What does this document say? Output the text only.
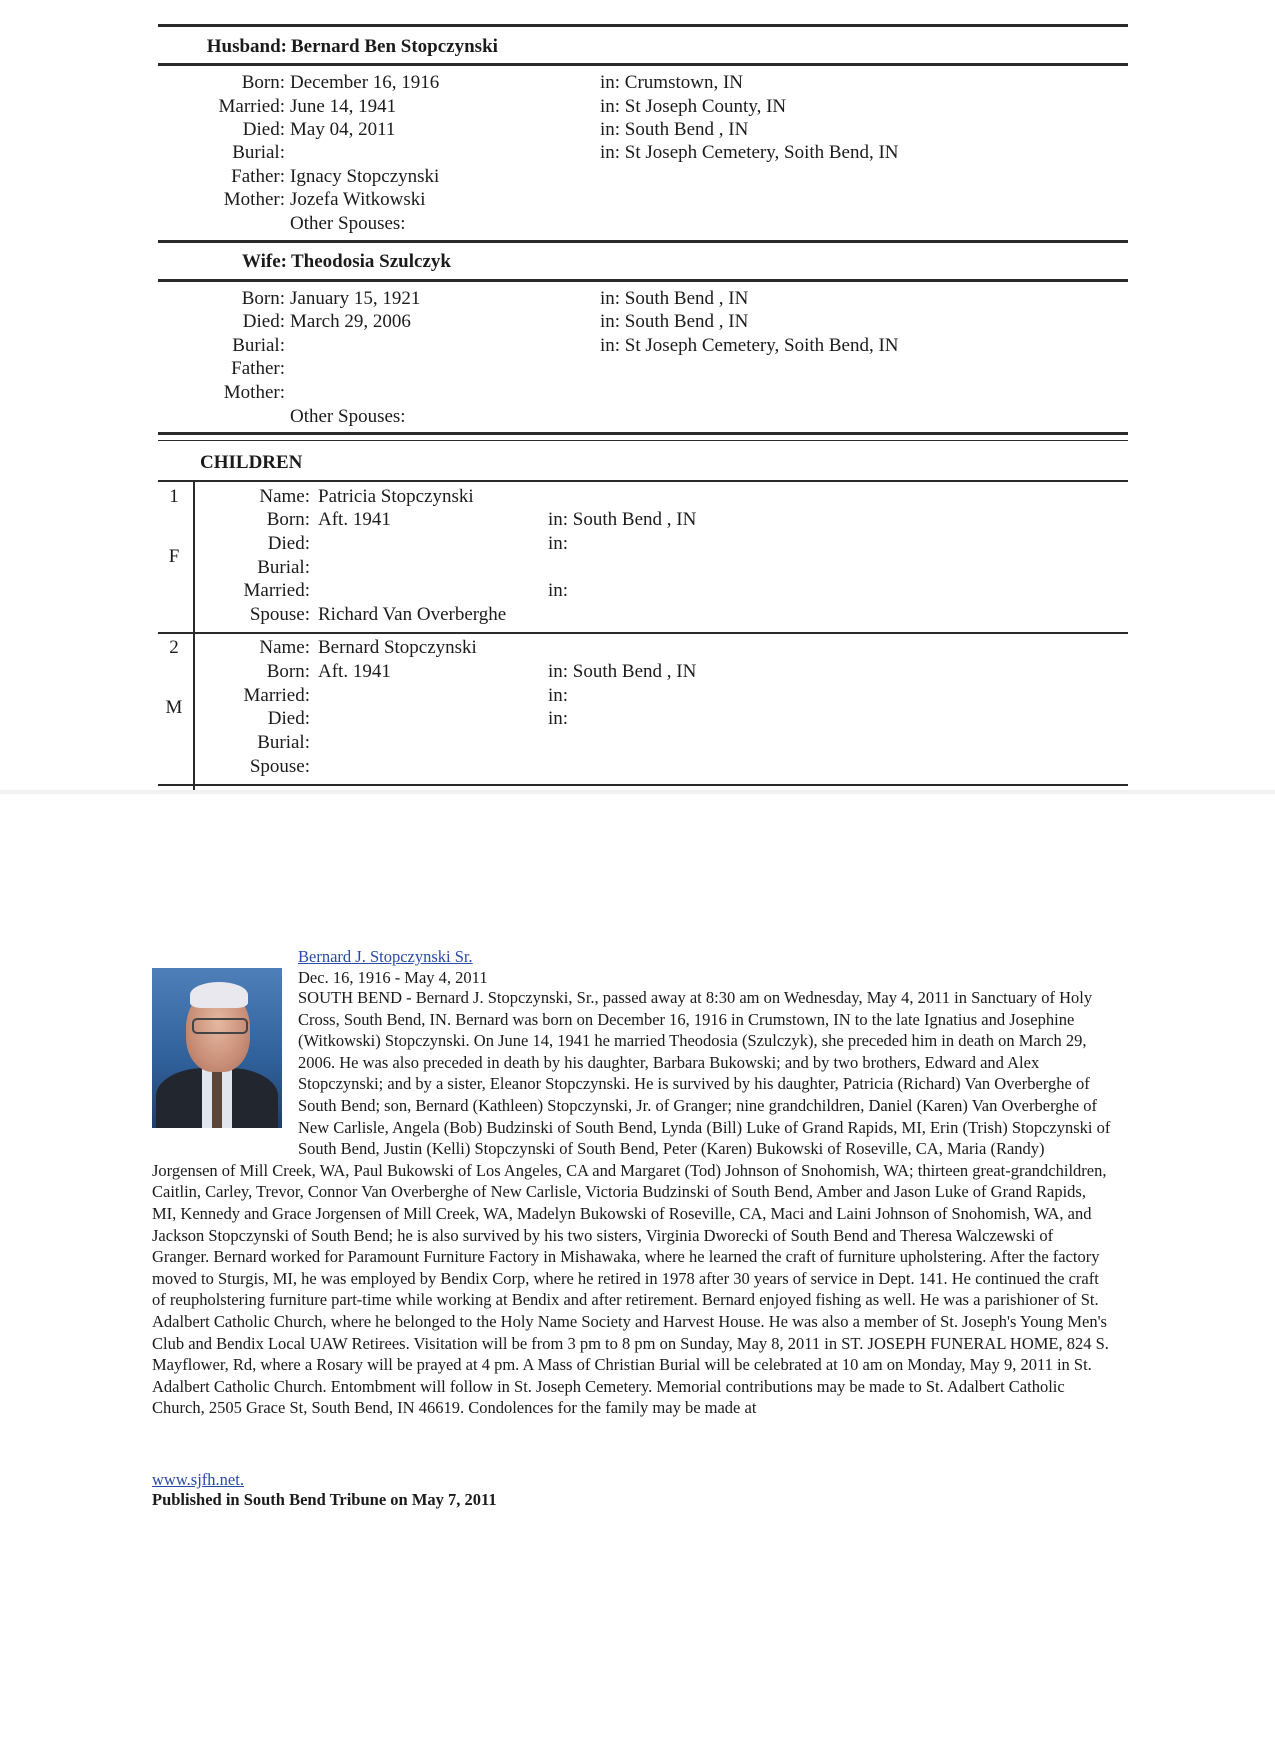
Husband: Bernard Ben Stopczynski
Born: December 16, 1916	in: Crumstown, IN
Married: June 14, 1941	in: St Joseph County, IN
Died: May 04, 2011	in: South Bend , IN
Burial:	in: St Joseph Cemetery, Soith Bend, IN
Father: Ignacy Stopczynski
Mother: Jozefa Witkowski
Other Spouses:
Wife: Theodosia Szulczyk
Born: January 15, 1921	in: South Bend , IN
Died: March 29, 2006	in: South Bend , IN
Burial:	in: St Joseph Cemetery, Soith Bend, IN
Father:
Mother:
Other Spouses:
CHILDREN
1
F
Name: Patricia Stopczynski
Born: Aft. 1941	in: South Bend , IN
Died:	in:
Burial:
Married:	in:
Spouse: Richard Van Overberghe
2
M
Name: Bernard Stopczynski
Born: Aft. 1941	in: South Bend , IN
Married:	in:
Died:	in:
Burial:
Spouse:
Bernard J. Stopczynski Sr.
Dec. 16, 1916 - May 4, 2011
SOUTH BEND - Bernard J. Stopczynski, Sr., passed away at 8:30 am on Wednesday, May 4, 2011 in Sanctuary of Holy Cross, South Bend, IN. Bernard was born on December 16, 1916 in Crumstown, IN to the late Ignatius and Josephine (Witkowski) Stopczynski. On June 14, 1941 he married Theodosia (Szulczyk), she preceded him in death on March 29, 2006. He was also preceded in death by his daughter, Barbara Bukowski; and by two brothers, Edward and Alex Stopczynski; and by a sister, Eleanor Stopczynski. He is survived by his daughter, Patricia (Richard) Van Overberghe of South Bend; son, Bernard (Kathleen) Stopczynski, Jr. of Granger; nine grandchildren, Daniel (Karen) Van Overberghe of New Carlisle, Angela (Bob) Budzinski of South Bend, Lynda (Bill) Luke of Grand Rapids, MI, Erin (Trish) Stopczynski of South Bend, Justin (Kelli) Stopczynski of South Bend, Peter (Karen) Bukowski of Roseville, CA, Maria (Randy) Jorgensen of Mill Creek, WA, Paul Bukowski of Los Angeles, CA and Margaret (Tod) Johnson of Snohomish, WA; thirteen great-grandchildren, Caitlin, Carley, Trevor, Connor Van Overberghe of New Carlisle, Victoria Budzinski of South Bend, Amber and Jason Luke of Grand Rapids, MI, Kennedy and Grace Jorgensen of Mill Creek, WA, Madelyn Bukowski of Roseville, CA, Maci and Laini Johnson of Snohomish, WA, and Jackson Stopczynski of South Bend; he is also survived by his two sisters, Virginia Dworecki of South Bend and Theresa Walczewski of Granger. Bernard worked for Paramount Furniture Factory in Mishawaka, where he learned the craft of furniture upholstering. After the factory moved to Sturgis, MI, he was employed by Bendix Corp, where he retired in 1978 after 30 years of service in Dept. 141. He continued the craft of reupholstering furniture part-time while working at Bendix and after retirement. Bernard enjoyed fishing as well. He was a parishioner of St. Adalbert Catholic Church, where he belonged to the Holy Name Society and Harvest House. He was also a member of St. Joseph's Young Men's Club and Bendix Local UAW Retirees. Visitation will be from 3 pm to 8 pm on Sunday, May 8, 2011 in ST. JOSEPH FUNERAL HOME, 824 S. Mayflower, Rd, where a Rosary will be prayed at 4 pm. A Mass of Christian Burial will be celebrated at 10 am on Monday, May 9, 2011 in St. Adalbert Catholic Church. Entombment will follow in St. Joseph Cemetery. Memorial contributions may be made to St. Adalbert Catholic Church, 2505 Grace St, South Bend, IN 46619. Condolences for the family may be made at
www.sjfh.net.
Published in South Bend Tribune on May 7, 2011
